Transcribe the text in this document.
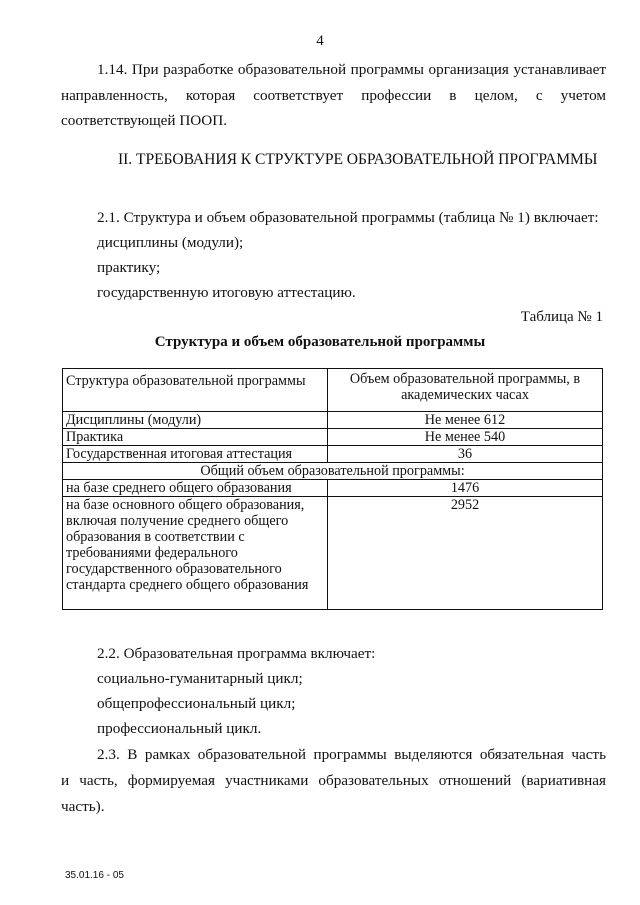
4
1.14. При разработке образовательной программы организация устанавливает
направленность, которая соответствует профессии в целом, с учетом
соответствующей ПООП.
II. ТРЕБОВАНИЯ К СТРУКТУРЕ ОБРАЗОВАТЕЛЬНОЙ ПРОГРАММЫ
2.1. Структура и объем образовательной программы (таблица № 1) включает:
дисциплины (модули);
практику;
государственную итоговую аттестацию.
Таблица № 1
Структура и объем образовательной программы
Структура образовательной программы	Объем образовательной программы, в академических часах
Дисциплины (модули)	Не менее 612
Практика	Не менее 540
Государственная итоговая аттестация	36
Общий объем образовательной программы:	
на базе среднего общего образования	1476
на базе основного общего образования, включая получение среднего общего образования в соответствии с требованиями федерального государственного образовательного стандарта среднего общего образования	2952
2.2. Образовательная программа включает:
социально-гуманитарный цикл;
общепрофессиональный цикл;
профессиональный цикл.
2.3. В рамках образовательной программы выделяются обязательная часть
и часть, формируемая участниками образовательных отношений (вариативная
часть).
35.01.16 - 05
